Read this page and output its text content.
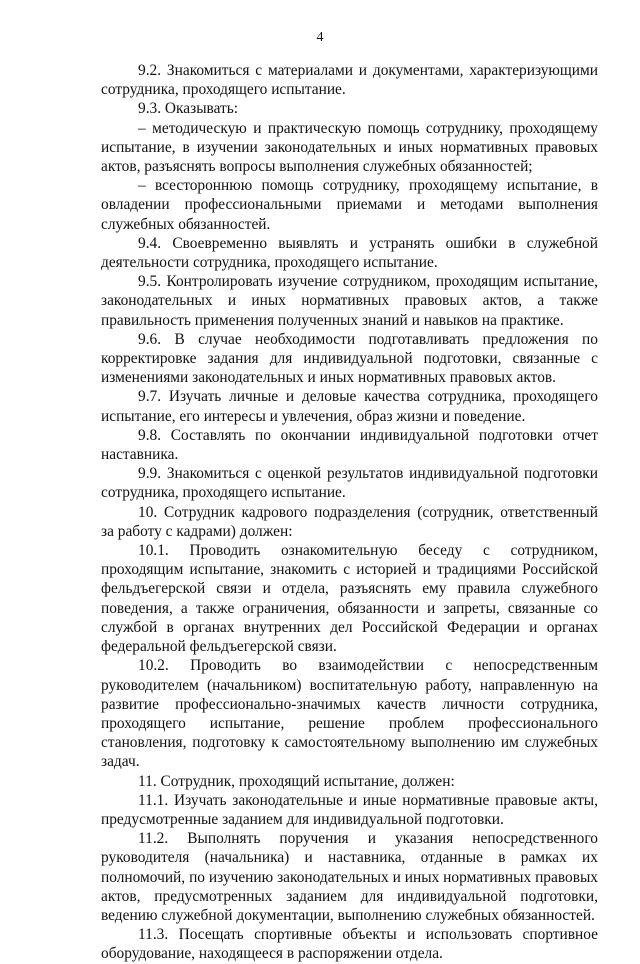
4

9.2. Знакомиться с материалами и документами, характеризующими сотрудника, проходящего испытание.

9.3. Оказывать:

– методическую и практическую помощь сотруднику, проходящему испытание, в изучении законодательных и иных нормативных правовых актов, разъяснять вопросы выполнения служебных обязанностей;

– всестороннюю помощь сотруднику, проходящему испытание, в овладении профессиональными приемами и методами выполнения служебных обязанностей.

9.4. Своевременно выявлять и устранять ошибки в служебной деятельности сотрудника, проходящего испытание.

9.5. Контролировать изучение сотрудником, проходящим испытание, законодательных и иных нормативных правовых актов, а также правильность применения полученных знаний и навыков на практике.

9.6. В случае необходимости подготавливать предложения по корректировке задания для индивидуальной подготовки, связанные с изменениями законодательных и иных нормативных правовых актов.

9.7. Изучать личные и деловые качества сотрудника, проходящего испытание, его интересы и увлечения, образ жизни и поведение.

9.8. Составлять по окончании индивидуальной подготовки отчет наставника.

9.9. Знакомиться с оценкой результатов индивидуальной подготовки сотрудника, проходящего испытание.

10. Сотрудник кадрового подразделения (сотрудник, ответственный за работу с кадрами) должен:

10.1. Проводить ознакомительную беседу с сотрудником, проходящим испытание, знакомить с историей и традициями Российской фельдъегерской связи и отдела, разъяснять ему правила служебного поведения, а также ограничения, обязанности и запреты, связанные со службой в органах внутренних дел Российской Федерации и органах федеральной фельдъегерской связи.

10.2. Проводить во взаимодействии с непосредственным руководителем (начальником) воспитательную работу, направленную на развитие профессионально-значимых качеств личности сотрудника, проходящего испытание, решение проблем профессионального становления, подготовку к самостоятельному выполнению им служебных задач.

11. Сотрудник, проходящий испытание, должен:

11.1. Изучать законодательные и иные нормативные правовые акты, предусмотренные заданием для индивидуальной подготовки.

11.2. Выполнять поручения и указания непосредственного руководителя (начальника) и наставника, отданные в рамках их полномочий, по изучению законодательных и иных нормативных правовых актов, предусмотренных заданием для индивидуальной подготовки, ведению служебной документации, выполнению служебных обязанностей.

11.3. Посещать спортивные объекты и использовать спортивное оборудование, находящееся в распоряжении отдела.
